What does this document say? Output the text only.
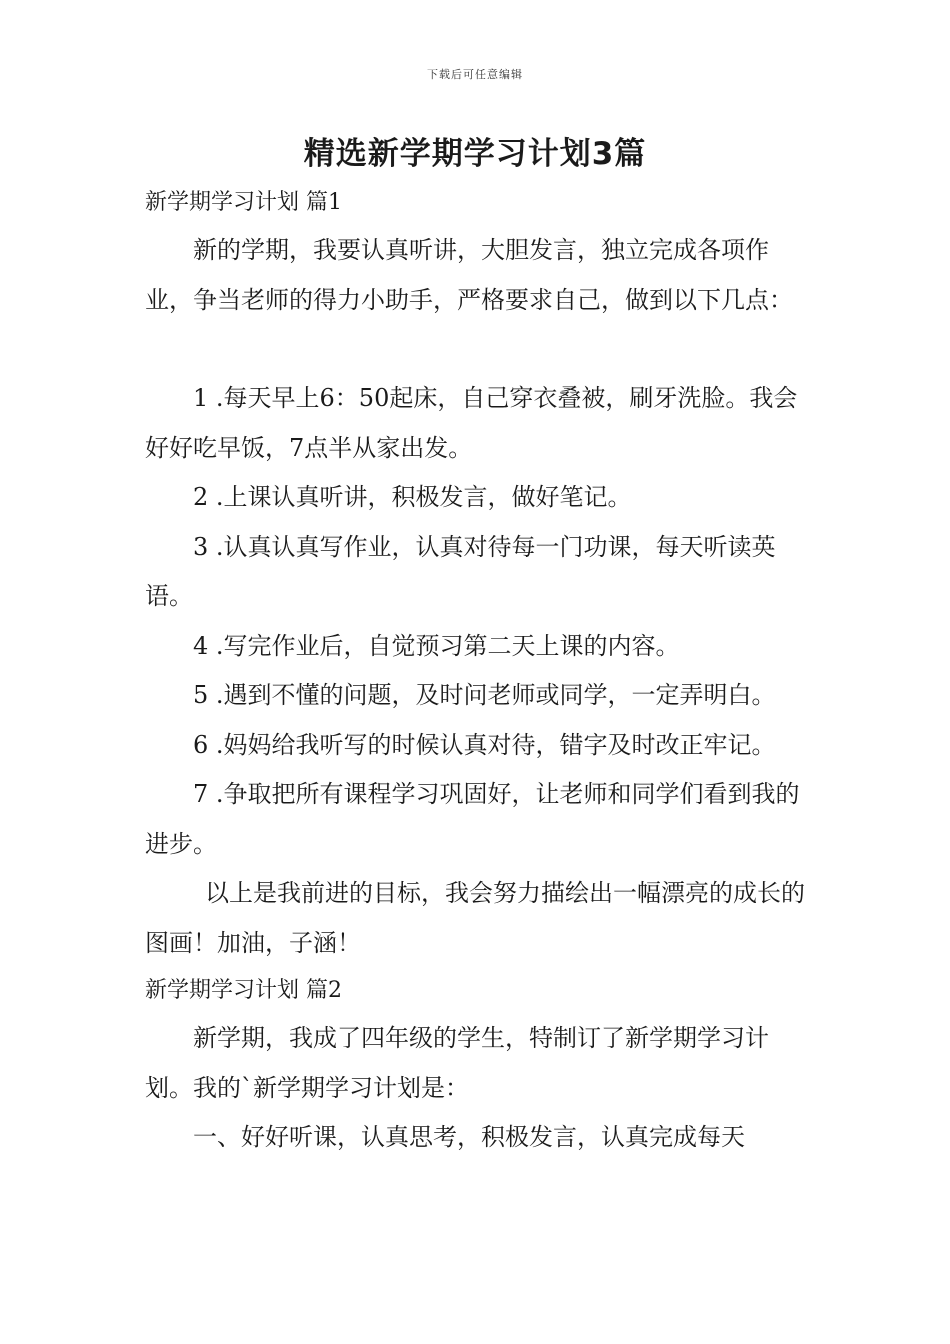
下载后可任意编辑
精选新学期学习计划3篇

新学期学习计划 篇1

新的学期，我要认真听讲，大胆发言，独立完成各项作业，争当老师的得力小助手，严格要求自己，做到以下几点：

1 .每天早上6：50起床，自己穿衣叠被，刷牙洗脸。我会好好吃早饭，7点半从家出发。

2 .上课认真听讲，积极发言，做好笔记。

3 .认真认真写作业，认真对待每一门功课，每天听读英语。

4 .写完作业后，自觉预习第二天上课的内容。

5 .遇到不懂的问题，及时问老师或同学，一定弄明白。

6 .妈妈给我听写的时候认真对待，错字及时改正牢记。

7 .争取把所有课程学习巩固好，让老师和同学们看到我的进步。

以上是我前进的目标，我会努力描绘出一幅漂亮的成长的图画！加油，子涵！

新学期学习计划 篇2

新学期，我成了四年级的学生，特制订了新学期学习计划。我的`新学期学习计划是：

一、好好听课，认真思考，积极发言，认真完成每天
